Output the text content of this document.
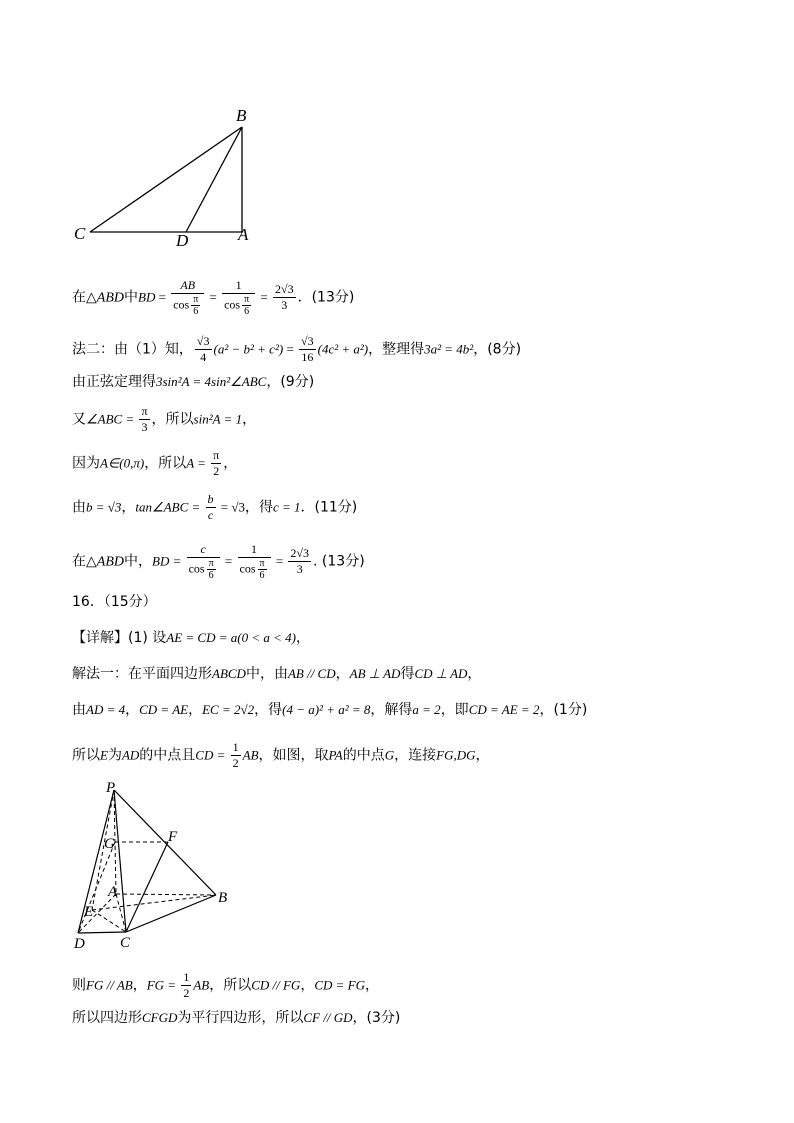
B
C	D	A
在△ABD中BD = $\frac{AB}{\cos \frac{\pi}{6}} = \frac{1}{\cos \frac{\pi}{6}} = \frac{2√3}{3}$ ．(13分)
法二：由（1）知， $\frac{√3}{4} (a^2 - b^2 + c^2) = \frac{√3}{16} (4c^2 + a^2)$，整理得3a² = 4b²，(8分)
由正弦定理得3sin²A = 4sin²∠ABC，(9分)
又∠ABC = $\frac{\pi}{3}$ ，所以sin²A = 1，
因为A∈(0,π)，所以$A = \frac{\pi}{2}$ ，
由b = √3，tan∠ABC = $\frac{b}{c} = √3$，得c = 1．(11分)
在△ABD中，BD = $\frac{c}{\cos \frac{\pi}{6}} = \frac{1}{\cos \frac{\pi}{6}} = \frac{2√3}{3}$ . (13分)
16．（15分）
【详解】(1) 设AE = CD = a(0 < a < 4)，
解法一：在平面四边形ABCD中，由AB // CD，AB ⊥ AD得CD ⊥ AD，
由AD = 4，CD = AE，EC = 2√2，得(4 − a)² + a² = 8，解得a = 2，即CD = AE = 2，(1分)
所以E为AD的中点且CD = $\frac{1}{2}$ AB，如图，取PA的中点G，连接FG,DG，
P
G	F
A
E
B
D C
则FG // AB，FG = $\frac{1}{2}$ AB，所以CD // FG，CD = FG，
所以四边形CFGD为平行四边形，所以CF // GD，(3分)
